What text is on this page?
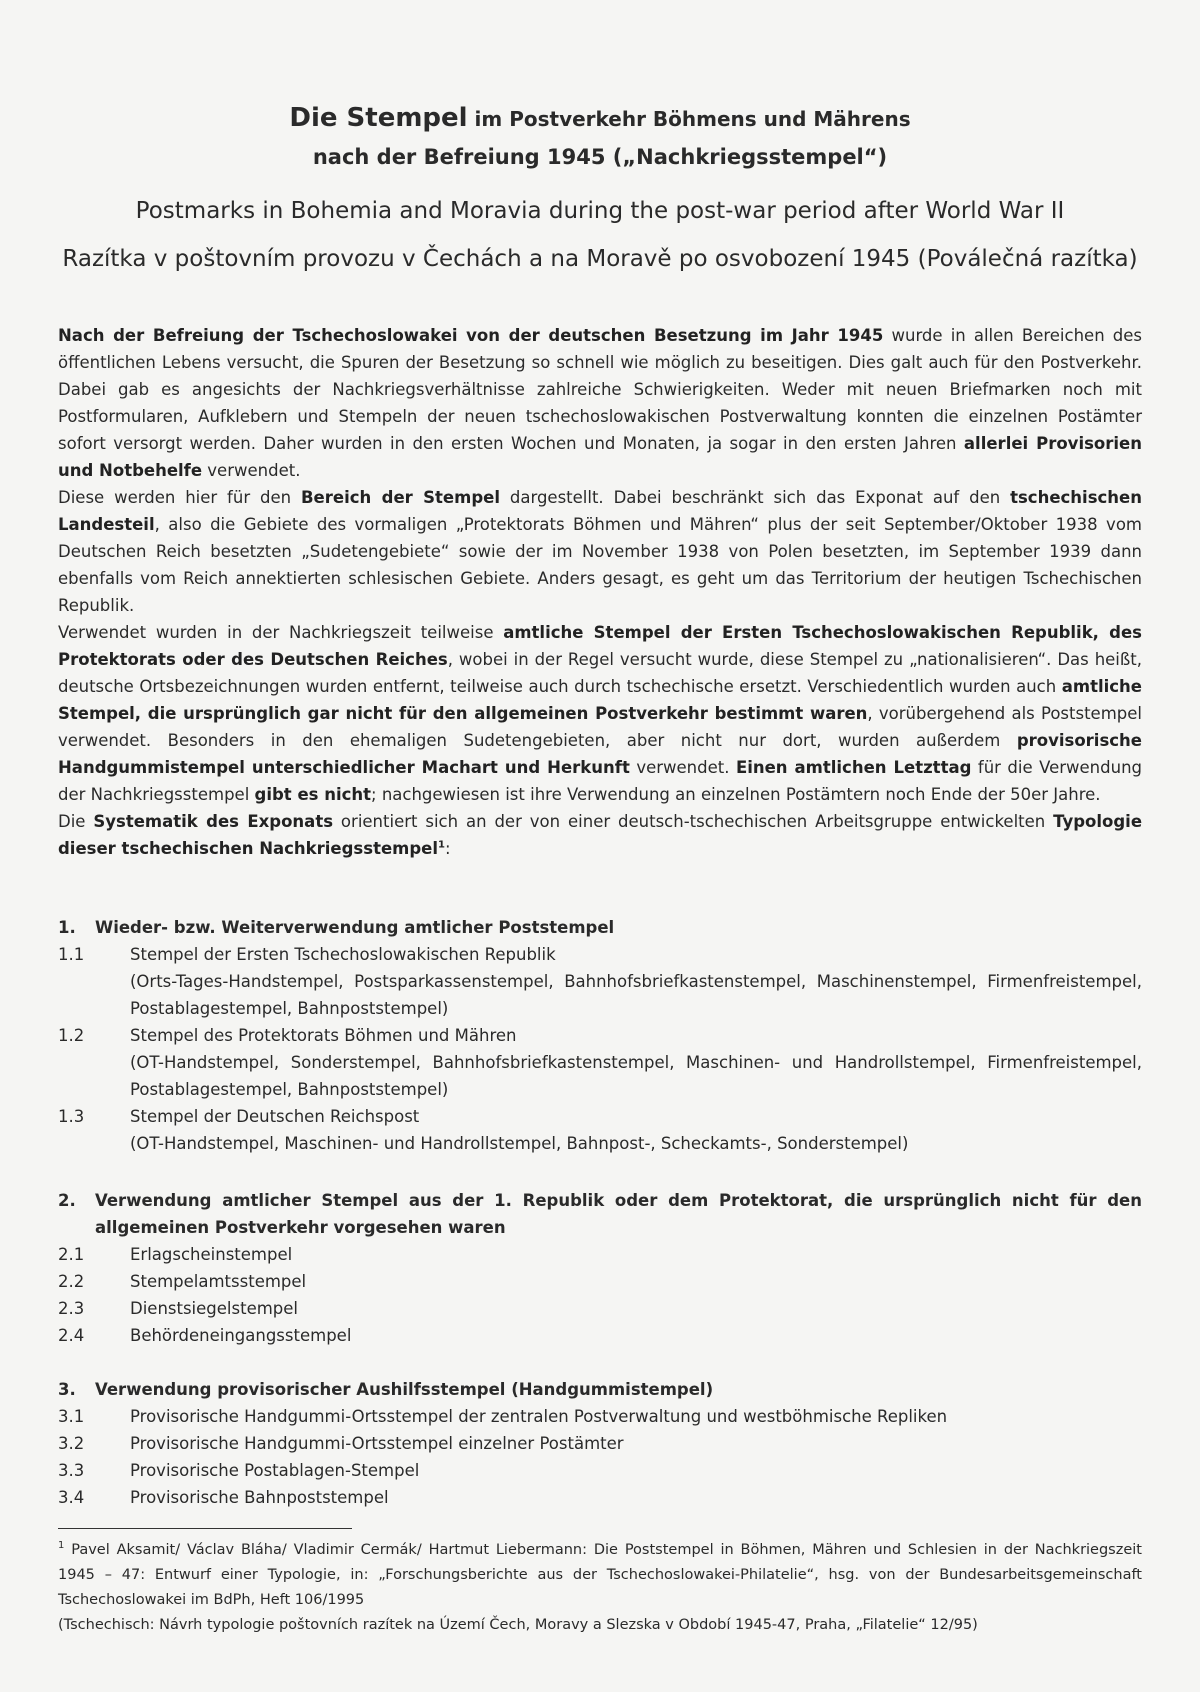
Die Stempel im Postverkehr Böhmens und Mährens
nach der Befreiung 1945 („Nachkriegsstempel“)
Postmarks in Bohemia and Moravia during the post-war period after World War II
Razítka v poštovním provozu v Čechách a na Moravě po osvobození 1945 (Poválečná razítka)

Nach der Befreiung der Tschechoslowakei von der deutschen Besetzung im Jahr 1945 wurde in allen Bereichen des öffentlichen Lebens versucht, die Spuren der Besetzung so schnell wie möglich zu beseitigen. Dies galt auch für den Postverkehr. Dabei gab es angesichts der Nachkriegsverhältnisse zahlreiche Schwierigkeiten. Weder mit neuen Briefmarken noch mit Postformularen, Aufklebern und Stempeln der neuen tschechoslowakischen Postverwaltung konnten die einzelnen Postämter sofort versorgt werden. Daher wurden in den ersten Wochen und Monaten, ja sogar in den ersten Jahren allerlei Provisorien und Notbehelfe verwendet.

Diese werden hier für den Bereich der Stempel dargestellt. Dabei beschränkt sich das Exponat auf den tschechischen Landesteil, also die Gebiete des vormaligen „Protektorats Böhmen und Mähren“ plus der seit September/Oktober 1938 vom Deutschen Reich besetzten „Sudetengebiete“ sowie der im November 1938 von Polen besetzten, im September 1939 dann ebenfalls vom Reich annektierten schlesischen Gebiete. Anders gesagt, es geht um das Territorium der heutigen Tschechischen Republik.

Verwendet wurden in der Nachkriegszeit teilweise amtliche Stempel der Ersten Tschechoslowakischen Republik, des Protektorats oder des Deutschen Reiches, wobei in der Regel versucht wurde, diese Stempel zu „nationalisieren“. Das heißt, deutsche Ortsbezeichnungen wurden entfernt, teilweise auch durch tschechische ersetzt. Verschiedentlich wurden auch amtliche Stempel, die ursprünglich gar nicht für den allgemeinen Postverkehr bestimmt waren, vorübergehend als Poststempel verwendet. Besonders in den ehemaligen Sudetengebieten, aber nicht nur dort, wurden außerdem provisorische Handgummistempel unterschiedlicher Machart und Herkunft verwendet. Einen amtlichen Letzttag für die Verwendung der Nachkriegsstempel gibt es nicht; nachgewiesen ist ihre Verwendung an einzelnen Postämtern noch Ende der 50er Jahre.

Die Systematik des Exponats orientiert sich an der von einer deutsch-tschechischen Arbeitsgruppe entwickelten Typologie dieser tschechischen Nachkriegsstempel$^1$:

1.	Wieder- bzw. Weiterverwendung amtlicher Poststempel
1.1	Stempel der Ersten Tschechoslowakischen Republik
(Orts-Tages-Handstempel, Postsparkassenstempel, Bahnhofsbriefkastenstempel, Maschinenstempel, Firmenfreistempel, Postablagestempel, Bahnpoststempel)
1.2	Stempel des Protektorats Böhmen und Mähren
(OT-Handstempel, Sonderstempel, Bahnhofsbriefkastenstempel, Maschinen- und Handrollstempel, Firmenfreistempel, Postablagestempel, Bahnpoststempel)
1.3	Stempel der Deutschen Reichspost
(OT-Handstempel, Maschinen- und Handrollstempel, Bahnpost-, Scheckamts-, Sonderstempel)
2.	Verwendung amtlicher Stempel aus der 1. Republik oder dem Protektorat, die ursprünglich nicht für den allgemeinen Postverkehr vorgesehen waren
2.1	Erlagscheinstempel
2.2	Stempelamtsstempel
2.3	Dienstsiegelstempel
2.4	Behördeneingangsstempel
3.	Verwendung provisorischer Aushilfsstempel (Handgummistempel)
3.1	Provisorische Handgummi-Ortsstempel der zentralen Postverwaltung und westböhmische Repliken
3.2	Provisorische Handgummi-Ortsstempel einzelner Postämter
3.3	Provisorische Postablagen-Stempel
3.4	Provisorische Bahnpoststempel

$^1$ Pavel Aksamit/ Václav Bláha/ Vladimir Cermák/ Hartmut Liebermann: Die Poststempel in Böhmen, Mähren und Schlesien in der Nachkriegszeit 1945 – 47: Entwurf einer Typologie, in: „Forschungsberichte aus der Tschechoslowakei-Philatelie“, hsg. von der Bundesarbeitsgemeinschaft Tschechoslowakei im BdPh, Heft 106/1995

(Tschechisch: Návrh typologie poštovních razítek na Území Čech, Moravy a Slezska v Období 1945-47, Praha, „Filatelie“ 12/95)
